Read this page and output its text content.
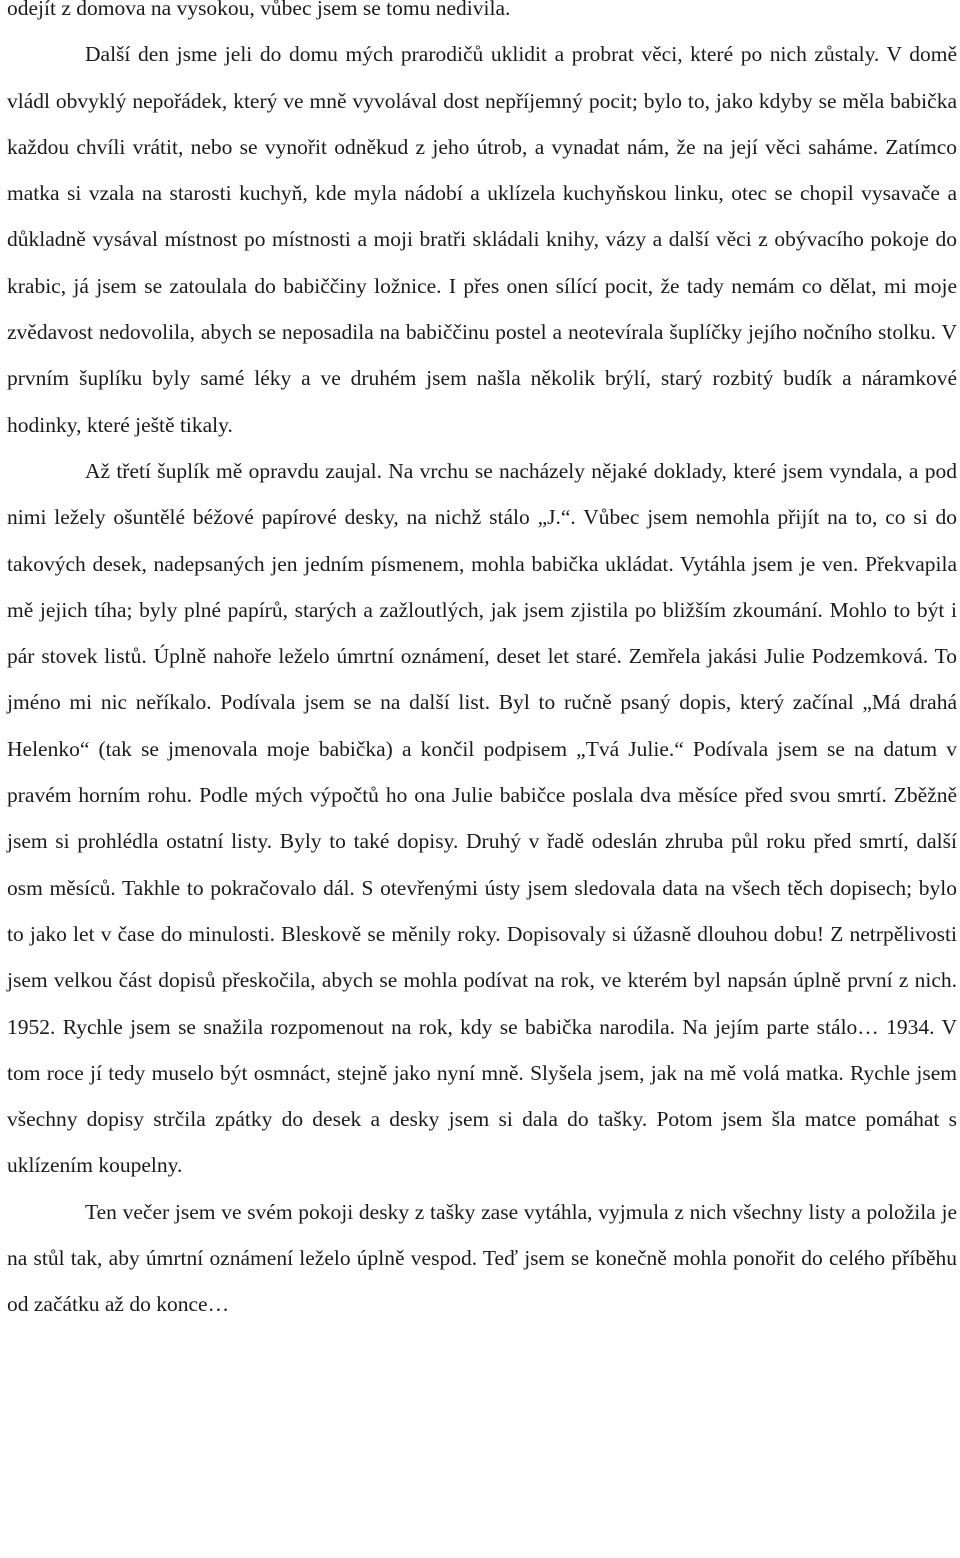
odejít z domova na vysokou, vůbec jsem se tomu nedivila.

Další den jsme jeli do domu mých prarodičů uklidit a probrat věci, které po nich zůstaly. V domě vládl obvyklý nepořádek, který ve mně vyvolával dost nepříjemný pocit; bylo to, jako kdyby se měla babička každou chvíli vrátit, nebo se vynořit odněkud z jeho útrob, a vynadat nám, že na její věci saháme. Zatímco matka si vzala na starosti kuchyň, kde myla nádobí a uklízela kuchyňskou linku, otec se chopil vysavače a důkladně vysával místnost po místnosti a moji bratři skládali knihy, vázy a další věci z obývacího pokoje do krabic, já jsem se zatoulala do babiččiny ložnice. I přes onen sílící pocit, že tady nemám co dělat, mi moje zvědavost nedovolila, abych se neposadila na babiččinu postel a neotevírala šuplíčky jejího nočního stolku. V prvním šuplíku byly samé léky a ve druhém jsem našla několik brýlí, starý rozbitý budík a náramkové hodinky, které ještě tikaly.

Až třetí šuplík mě opravdu zaujal. Na vrchu se nacházely nějaké doklady, které jsem vyndala, a pod nimi ležely ošuntělé béžové papírové desky, na nichž stálo „J.“. Vůbec jsem nemohla přijít na to, co si do takových desek, nadepsaných jen jedním písmenem, mohla babička ukládat. Vytáhla jsem je ven. Překvapila mě jejich tíha; byly plné papírů, starých a zažloutlých, jak jsem zjistila po bližším zkoumání. Mohlo to být i pár stovek listů. Úplně nahoře leželo úmrtní oznámení, deset let staré. Zemřela jakási Julie Podzemková. To jméno mi nic neříkalo. Podívala jsem se na další list. Byl to ručně psaný dopis, který začínal „Má drahá Helenko“ (tak se jmenovala moje babička) a končil podpisem „Tvá Julie.“ Podívala jsem se na datum v pravém horním rohu. Podle mých výpočtů ho ona Julie babičce poslala dva měsíce před svou smrtí. Zběžně jsem si prohlédla ostatní listy. Byly to také dopisy. Druhý v řadě odeslán zhruba půl roku před smrtí, další osm měsíců. Takhle to pokračovalo dál. S otevřenými ústy jsem sledovala data na všech těch dopisech; bylo to jako let v čase do minulosti. Bleskově se měnily roky. Dopisovaly si úžasně dlouhou dobu! Z netrpělivosti jsem velkou část dopisů přeskočila, abych se mohla podívat na rok, ve kterém byl napsán úplně první z nich. 1952. Rychle jsem se snažila rozpomenout na rok, kdy se babička narodila. Na jejím parte stálo… 1934. V tom roce jí tedy muselo být osmnáct, stejně jako nyní mně. Slyšela jsem, jak na mě volá matka. Rychle jsem všechny dopisy strčila zpátky do desek a desky jsem si dala do tašky. Potom jsem šla matce pomáhat s uklízením koupelny.

Ten večer jsem ve svém pokoji desky z tašky zase vytáhla, vyjmula z nich všechny listy a položila je na stůl tak, aby úmrtní oznámení leželo úplně vespod. Teď jsem se konečně mohla ponořit do celého příběhu od začátku až do konce…
